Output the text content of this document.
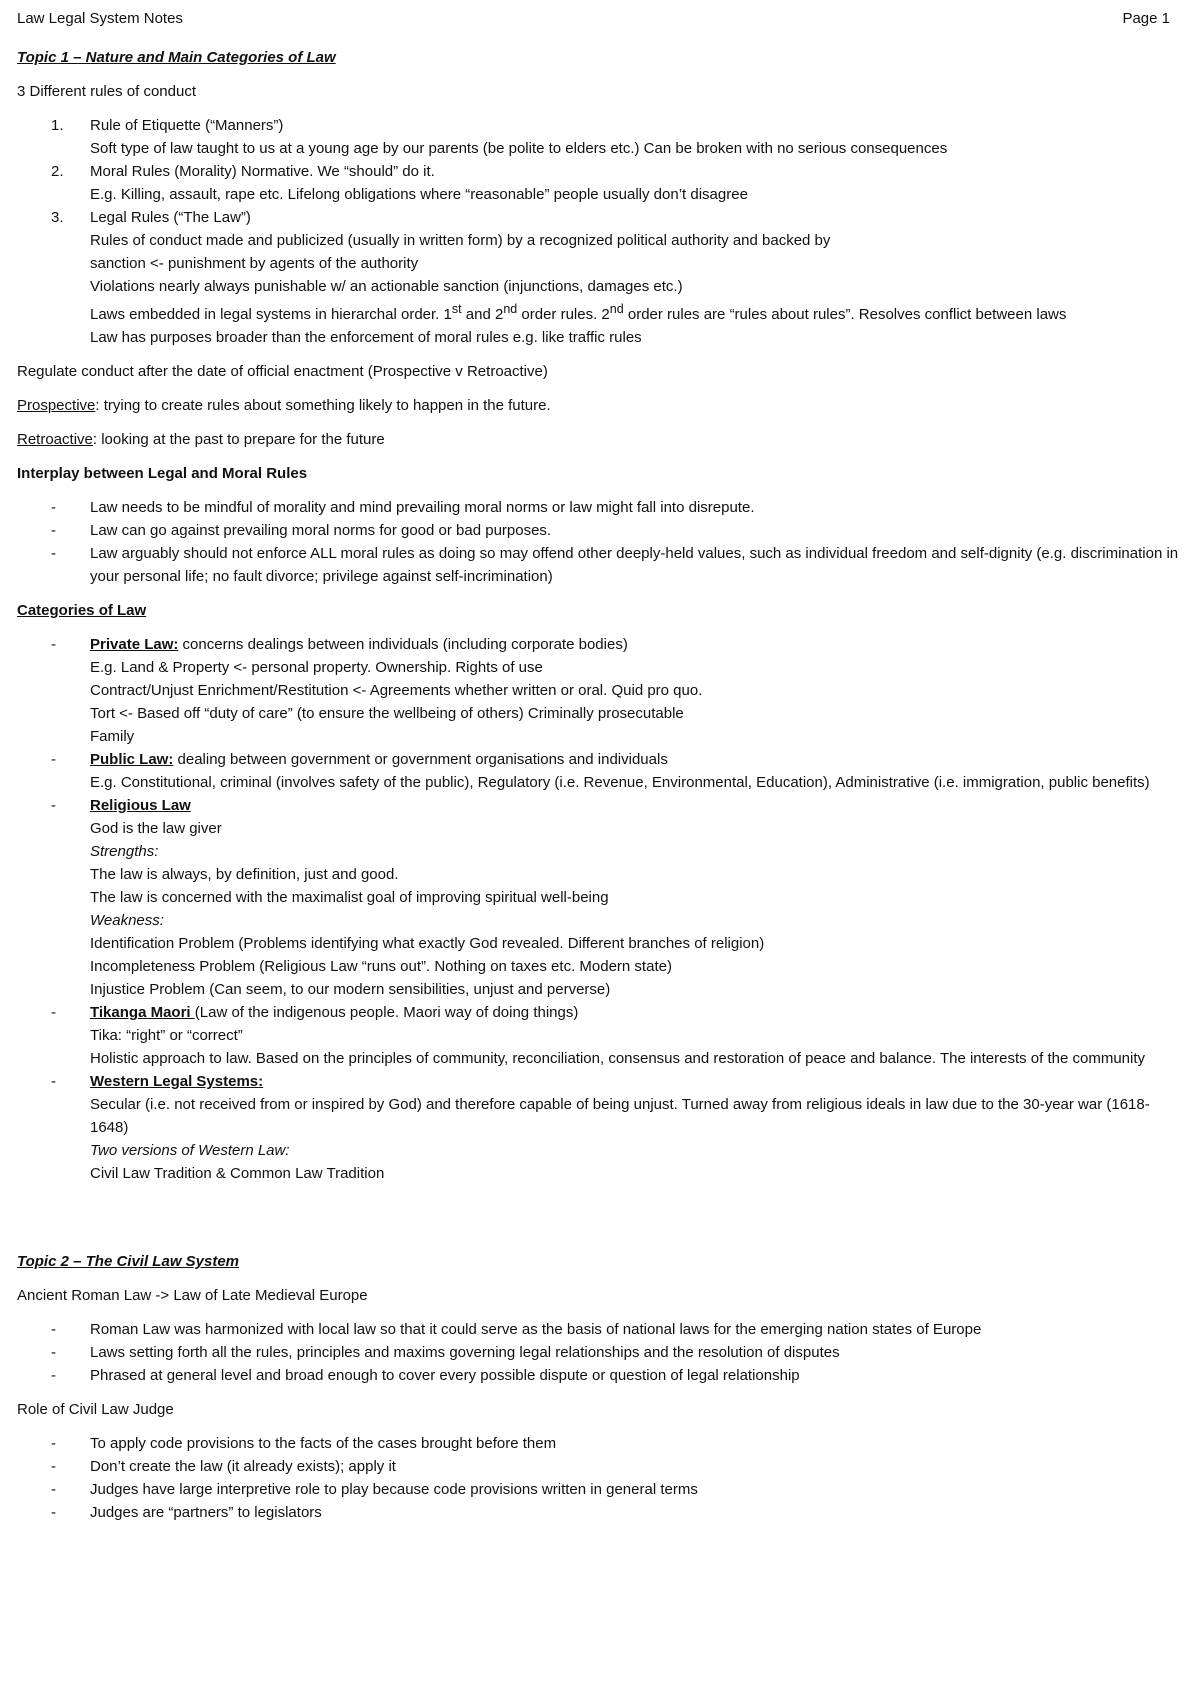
Law Legal System Notes	Page 1

Topic 1 – Nature and Main Categories of Law

3 Different rules of conduct

1. Rule of Etiquette (“Manners”)
Soft type of law taught to us at a young age by our parents (be polite to elders etc.) Can be broken with no serious consequences
2. Moral Rules (Morality) Normative. We “should” do it.
E.g. Killing, assault, rape etc. Lifelong obligations where “reasonable” people usually don’t disagree
3. Legal Rules (“The Law”)
Rules of conduct made and publicized (usually in written form) by a recognized political authority and backed by
sanction <- punishment by agents of the authority
Violations nearly always punishable w/ an actionable sanction (injunctions, damages etc.)
Laws embedded in legal systems in hierarchal order. 1st and 2nd order rules. 2nd order rules are “rules about rules”. Resolves conflict between laws
Law has purposes broader than the enforcement of moral rules e.g. like traffic rules

Regulate conduct after the date of official enactment (Prospective v Retroactive)

Prospective: trying to create rules about something likely to happen in the future.

Retroactive: looking at the past to prepare for the future

Interplay between Legal and Moral Rules

- Law needs to be mindful of morality and mind prevailing moral norms or law might fall into disrepute.
- Law can go against prevailing moral norms for good or bad purposes.
- Law arguably should not enforce ALL moral rules as doing so may offend other deeply-held values, such as individual freedom and self-dignity (e.g. discrimination in your personal life; no fault divorce; privilege against self-incrimination)

Categories of Law

- Private Law: concerns dealings between individuals (including corporate bodies)
E.g. Land & Property <- personal property. Ownership. Rights of use
Contract/Unjust Enrichment/Restitution <- Agreements whether written or oral. Quid pro quo.
Tort <- Based off “duty of care” (to ensure the wellbeing of others) Criminally prosecutable
Family
- Public Law: dealing between government or government organisations and individuals
E.g. Constitutional, criminal (involves safety of the public), Regulatory (i.e. Revenue, Environmental, Education), Administrative (i.e. immigration, public benefits)
- Religious Law
God is the law giver
Strengths:
The law is always, by definition, just and good.
The law is concerned with the maximalist goal of improving spiritual well-being
Weakness:
Identification Problem (Problems identifying what exactly God revealed. Different branches of religion)
Incompleteness Problem (Religious Law “runs out”. Nothing on taxes etc. Modern state)
Injustice Problem (Can seem, to our modern sensibilities, unjust and perverse)
- Tikanga Maori (Law of the indigenous people. Maori way of doing things)
Tika: “right” or “correct”
Holistic approach to law. Based on the principles of community, reconciliation, consensus and restoration of peace and balance. The interests of the community
- Western Legal Systems:
Secular (i.e. not received from or inspired by God) and therefore capable of being unjust. Turned away from religious ideals in law due to the 30-year war (1618-1648)
Two versions of Western Law:
Civil Law Tradition & Common Law Tradition

Topic 2 – The Civil Law System

Ancient Roman Law -> Law of Late Medieval Europe

- Roman Law was harmonized with local law so that it could serve as the basis of national laws for the emerging nation states of Europe
- Laws setting forth all the rules, principles and maxims governing legal relationships and the resolution of disputes
- Phrased at general level and broad enough to cover every possible dispute or question of legal relationship

Role of Civil Law Judge

- To apply code provisions to the facts of the cases brought before them
- Don’t create the law (it already exists); apply it
- Judges have large interpretive role to play because code provisions written in general terms
- Judges are “partners” to legislators
